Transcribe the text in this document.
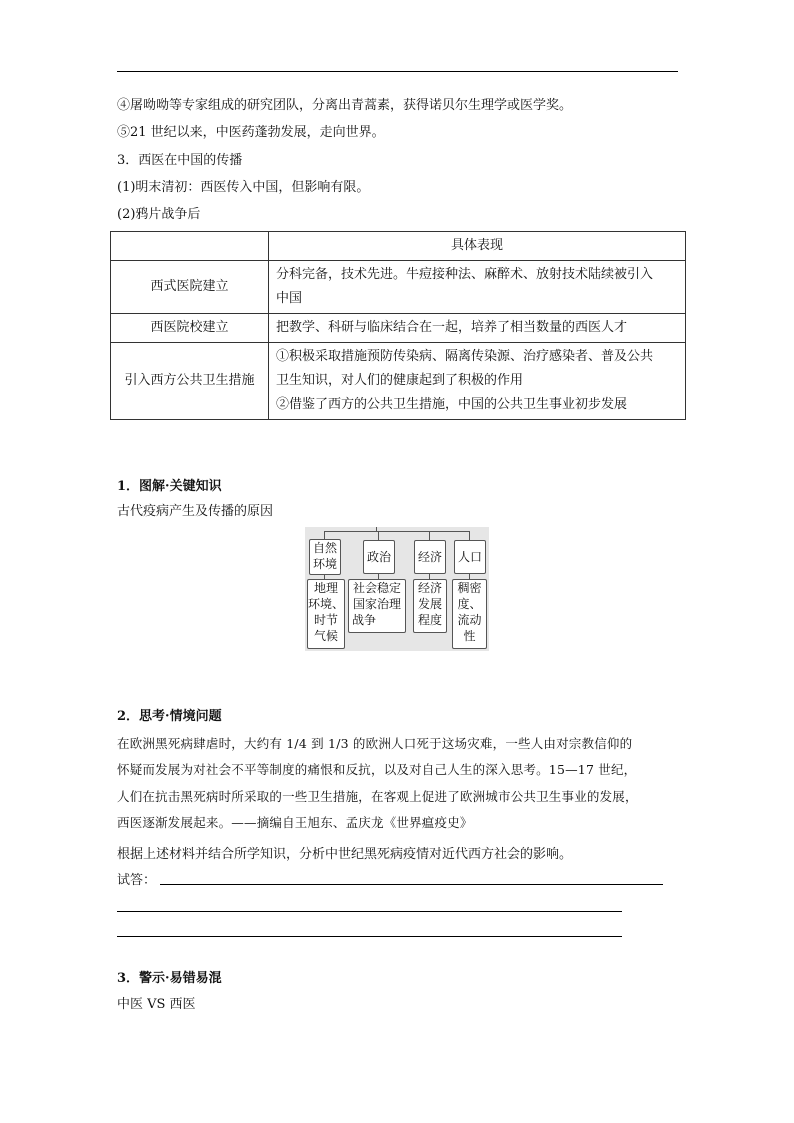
④屠呦呦等专家组成的研究团队，分离出青蒿素，获得诺贝尔生理学或医学奖。
⑤21 世纪以来，中医药蓬勃发展，走向世界。
3．西医在中国的传播
(1)明末清初：西医传入中国，但影响有限。
(2)鸦片战争后
	具体表现
西式医院建立	分科完备，技术先进。牛痘接种法、麻醉术、放射技术陆续被引入
中国

西医院校建立	把教学、科研与临床结合在一起，培养了相当数量的西医人才

引入西方公共卫生措施	①积极采取措施预防传染病、隔离传染源、治疗感染者、普及公共
卫生知识，对人们的健康起到了积极的作用
②借鉴了西方的公共卫生措施，中国的公共卫生事业初步发展
1．图解·关键知识
古代疫病产生及传播的原因
自然
环境 政治 经济 人口
地理
环境、
时节
气候
社会稳定
国家治理
战争
经济
发展
程度
稠密
度、
流动
性
2．思考·情境问题
在欧洲黑死病肆虐时，大约有 1/4 到 1/3 的欧洲人口死于这场灾难，一些人由对宗教信仰的
怀疑而发展为对社会不平等制度的痛恨和反抗，以及对自己人生的深入思考。15—17 世纪，
人们在抗击黑死病时所采取的一些卫生措施，在客观上促进了欧洲城市公共卫生事业的发展，
西医逐渐发展起来。——摘编自王旭东、孟庆龙《世界瘟疫史》
根据上述材料并结合所学知识，分析中世纪黑死病疫情对近代西方社会的影响。
试答：
3．警示·易错易混
中医 VS 西医
